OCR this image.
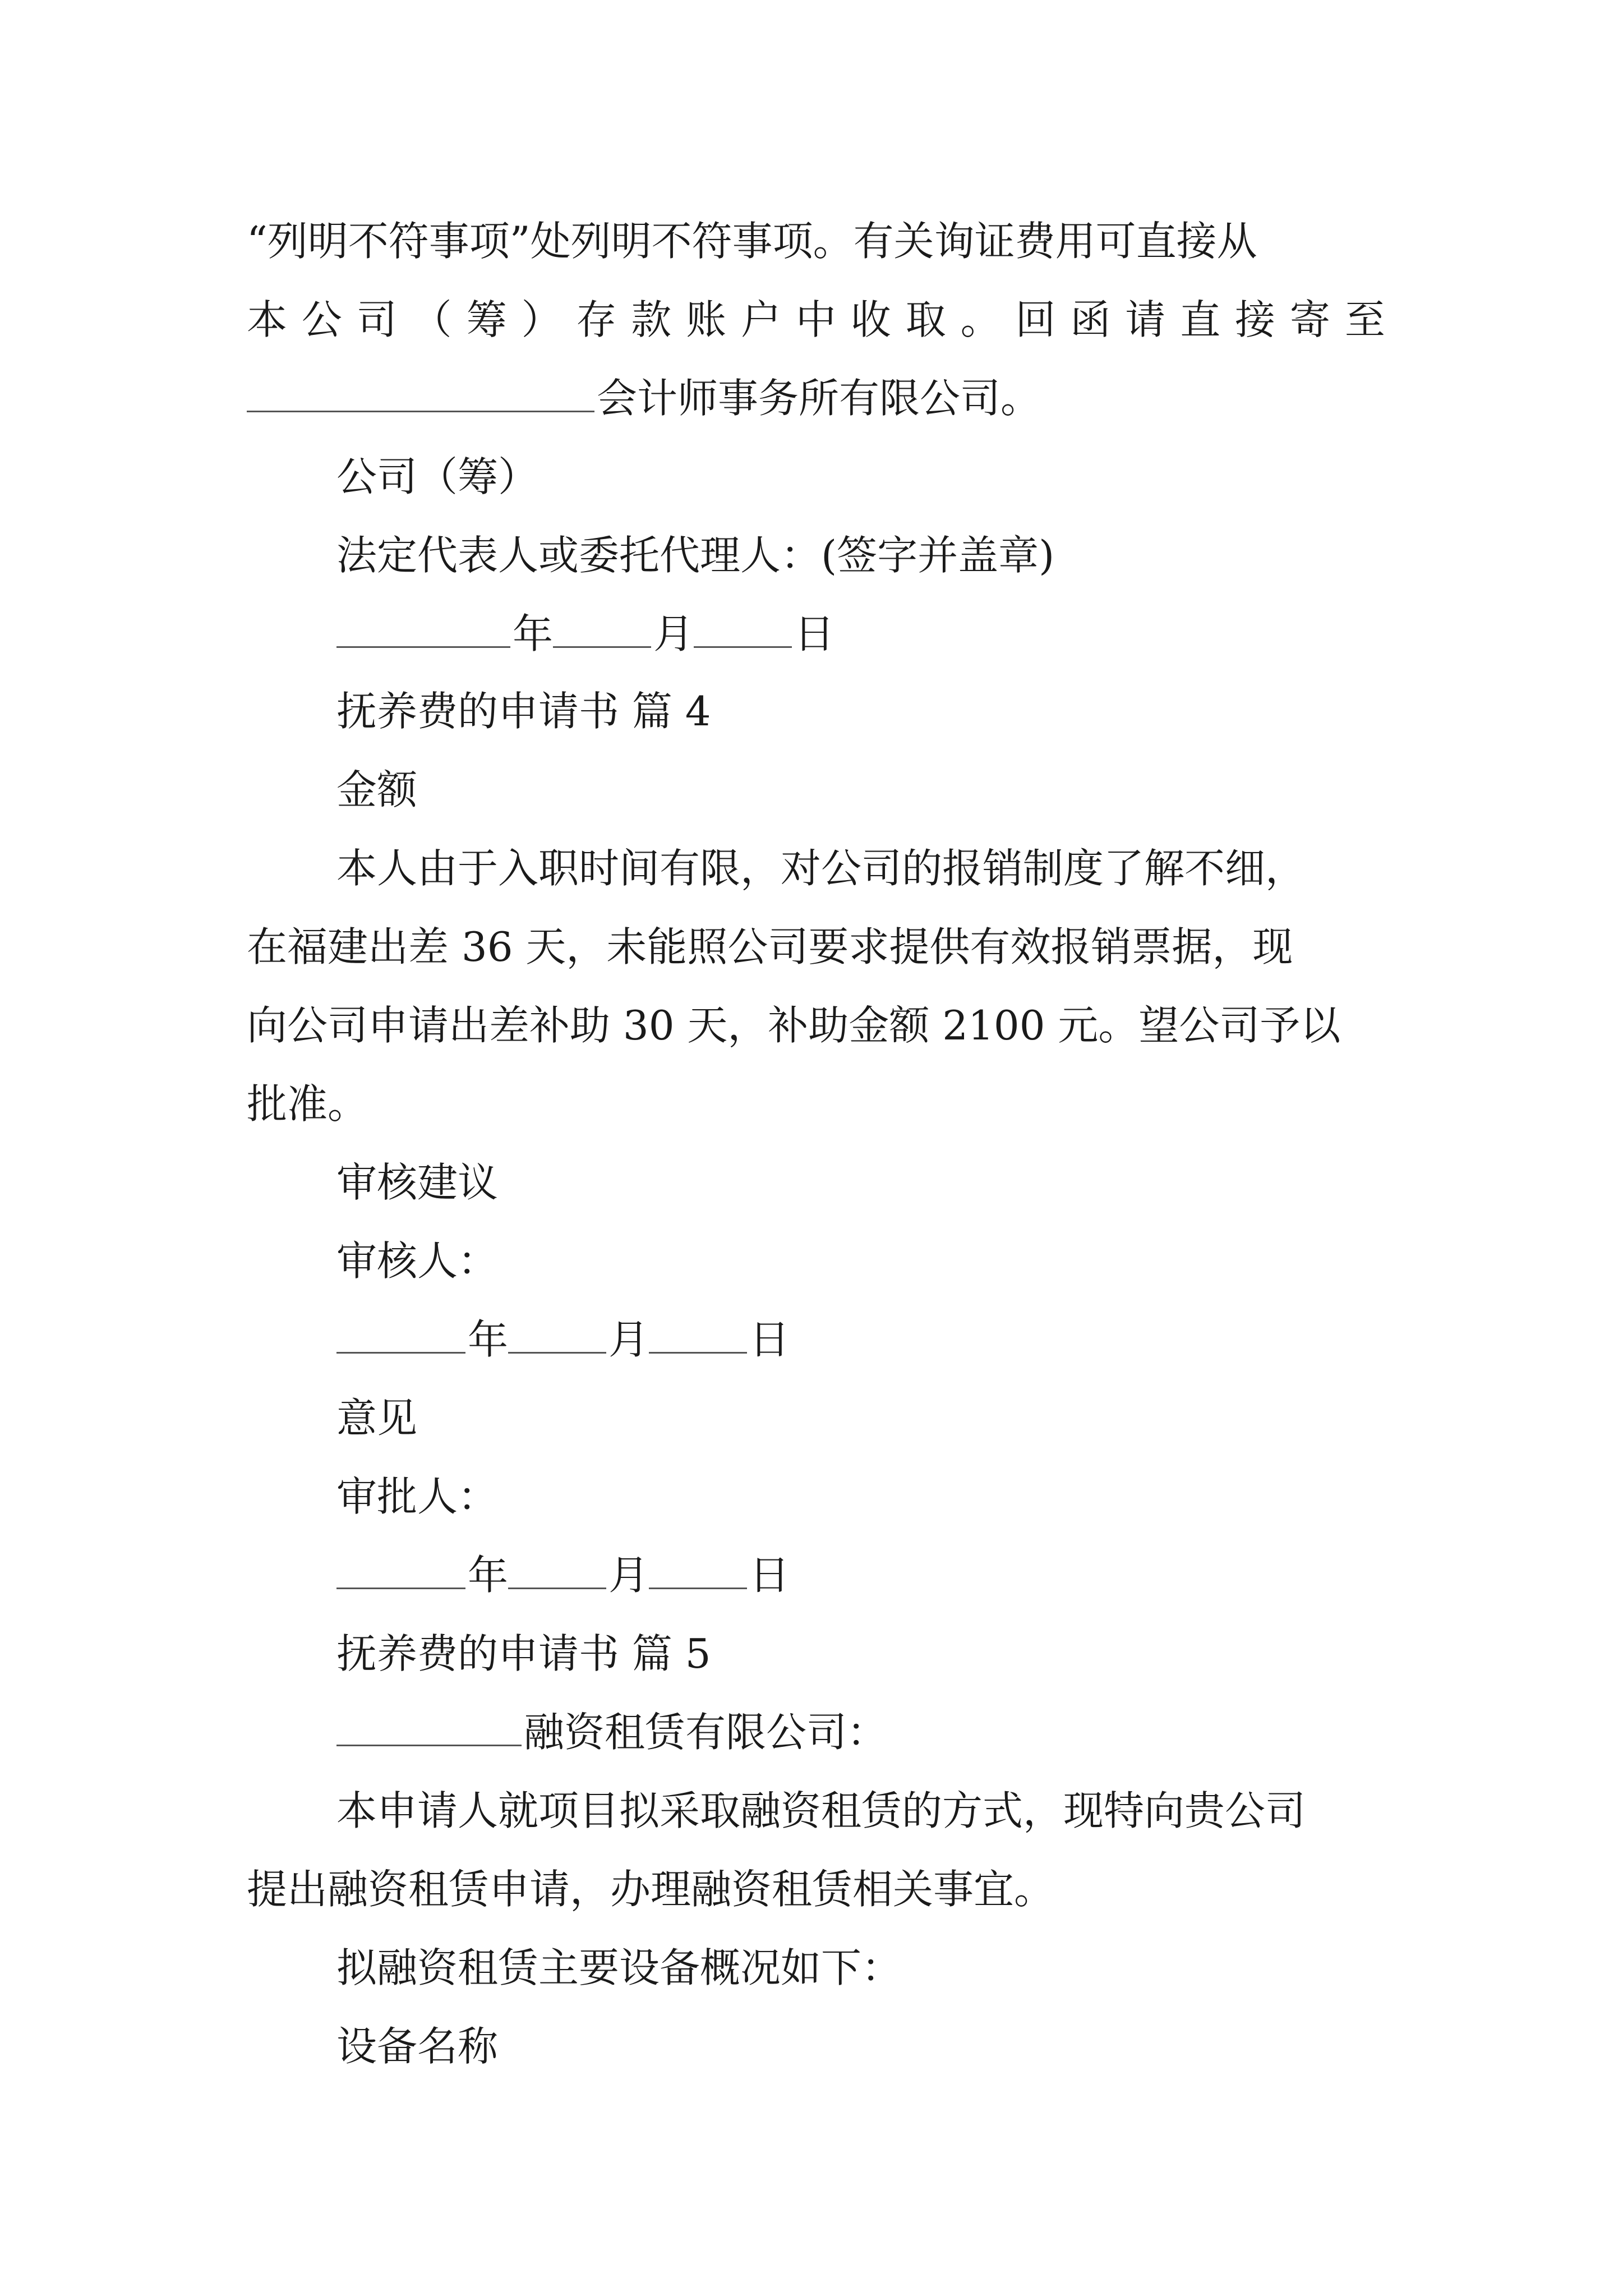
“列明不符事项”处列明不符事项。有关询证费用可直接从
本 公 司 （ 筹 ） 存 款 账 户 中 收 取 。 回 函 请 直 接 寄 至
会计师事务所有限公司。
公司（筹）
法定代表人或委托代理人：(签字并盖章)
年 月 日
抚养费的申请书 篇 4
金额
本人由于入职时间有限，对公司的报销制度了解不细，
在福建出差 36 天，未能照公司要求提供有效报销票据，现
向公司申请出差补助 30 天，补助金额 2100 元。望公司予以
批准。
审核建议
审核人：
年 月 日
意见
审批人：
年 月 日
抚养费的申请书 篇 5
融资租赁有限公司：
本申请人就项目拟采取融资租赁的方式，现特向贵公司
提出融资租赁申请，办理融资租赁相关事宜。
拟融资租赁主要设备概况如下：
设备名称
